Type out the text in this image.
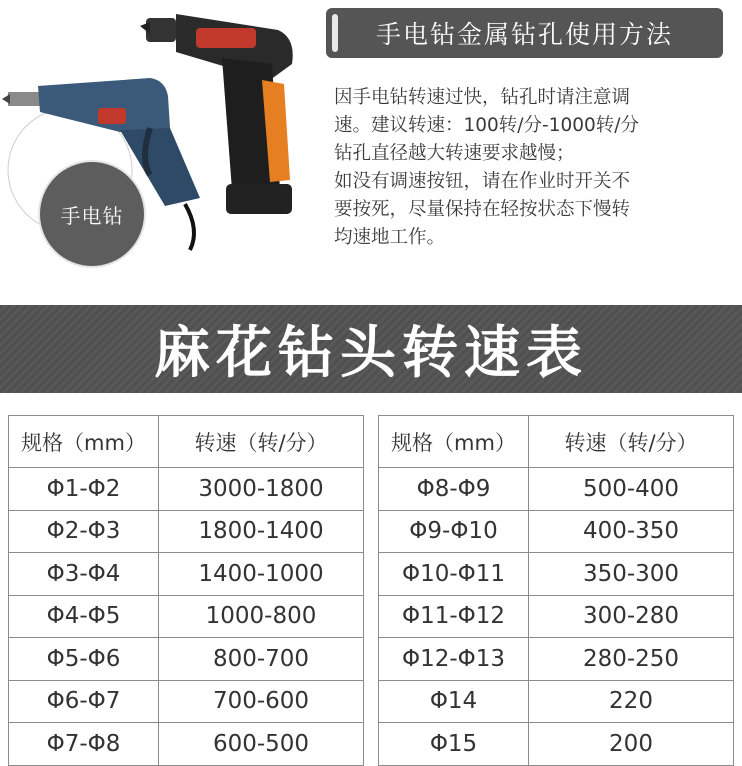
手电钻
手电钻金属钻孔使用方法
因手电钻转速过快，钻孔时请注意调
速。建议转速：100转/分-1000转/分
钻孔直径越大转速要求越慢；
如没有调速按钮，请在作业时开关不
要按死，尽量保持在轻按状态下慢转
均速地工作。
麻花钻头转速表
规格（mm）	转速（转/分）
Φ1-Φ2	3000-1800
Φ2-Φ3	1800-1400
Φ3-Φ4	1400-1000
Φ4-Φ5	1000-800
Φ5-Φ6	800-700
Φ6-Φ7	700-600
Φ7-Φ8	600-500
规格（mm）	转速（转/分）
Φ8-Φ9	500-400
Φ9-Φ10	400-350
Φ10-Φ11	350-300
Φ11-Φ12	300-280
Φ12-Φ13	280-250
Φ14	220
Φ15	200
